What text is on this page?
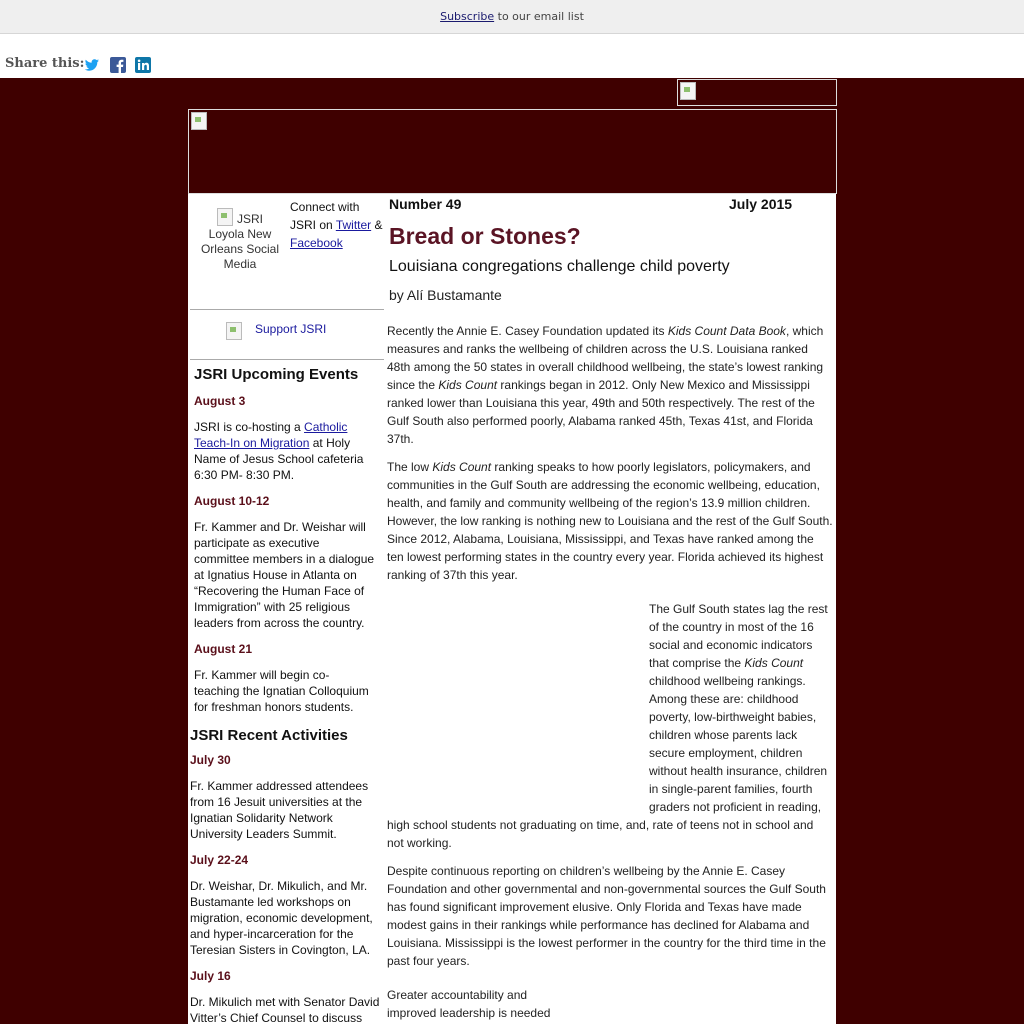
Subscribe to our email list
Share this:
JSRI Loyola New Orleans Social Media
Connect with JSRI on Twitter & Facebook
Support JSRI
JSRI Upcoming Events
August 3
JSRI is co-hosting a Catholic Teach-In on Migration at Holy Name of Jesus School cafeteria 6:30 PM- 8:30 PM.
August 10-12
Fr. Kammer and Dr. Weishar will participate as executive committee members in a dialogue at Ignatius House in Atlanta on “Recovering the Human Face of Immigration” with 25 religious leaders from across the country.
August 21
Fr. Kammer will begin co-teaching the Ignatian Colloquium for freshman honors students.
JSRI Recent Activities
July 30
Fr. Kammer addressed attendees from 16 Jesuit universities at the Ignatian Solidarity Network University Leaders Summit.
July 22-24
Dr. Weishar, Dr. Mikulich, and Mr. Bustamante led workshops on migration, economic development, and hyper-incarceration for the Teresian Sisters in Covington, LA.
July 16
Dr. Mikulich met with Senator David Vitter’s Chief Counsel to discuss
Number 49	July 2015
Bread or Stones?
Louisiana congregations challenge child poverty
by Alí Bustamante
Recently the Annie E. Casey Foundation updated its Kids Count Data Book, which measures and ranks the wellbeing of children across the U.S. Louisiana ranked 48th among the 50 states in overall childhood wellbeing, the state’s lowest ranking since the Kids Count rankings began in 2012. Only New Mexico and Mississippi ranked lower than Louisiana this year, 49th and 50th respectively. The rest of the Gulf South also performed poorly, Alabama ranked 45th, Texas 41st, and Florida 37th.
The low Kids Count ranking speaks to how poorly legislators, policymakers, and communities in the Gulf South are addressing the economic wellbeing, education, health, and family and community wellbeing of the region’s 13.9 million children. However, the low ranking is nothing new to Louisiana and the rest of the Gulf South. Since 2012, Alabama, Louisiana, Mississippi, and Texas have ranked among the ten lowest performing states in the country every year. Florida achieved its highest ranking of 37th this year.
The Gulf South states lag the rest of the country in most of the 16 social and economic indicators that comprise the Kids Count childhood wellbeing rankings. Among these are: childhood poverty, low-birthweight babies, children whose parents lack secure employment, children without health insurance, children in single-parent families, fourth graders not proficient in reading, high school students not graduating on time, and, rate of teens not in school and not working.
Despite continuous reporting on children’s wellbeing by the Annie E. Casey Foundation and other governmental and non-governmental sources the Gulf South has found significant improvement elusive. Only Florida and Texas have made modest gains in their rankings while performance has declined for Alabama and Louisiana. Mississippi is the lowest performer in the country for the third time in the past four years.
Greater accountability and improved leadership is needed
